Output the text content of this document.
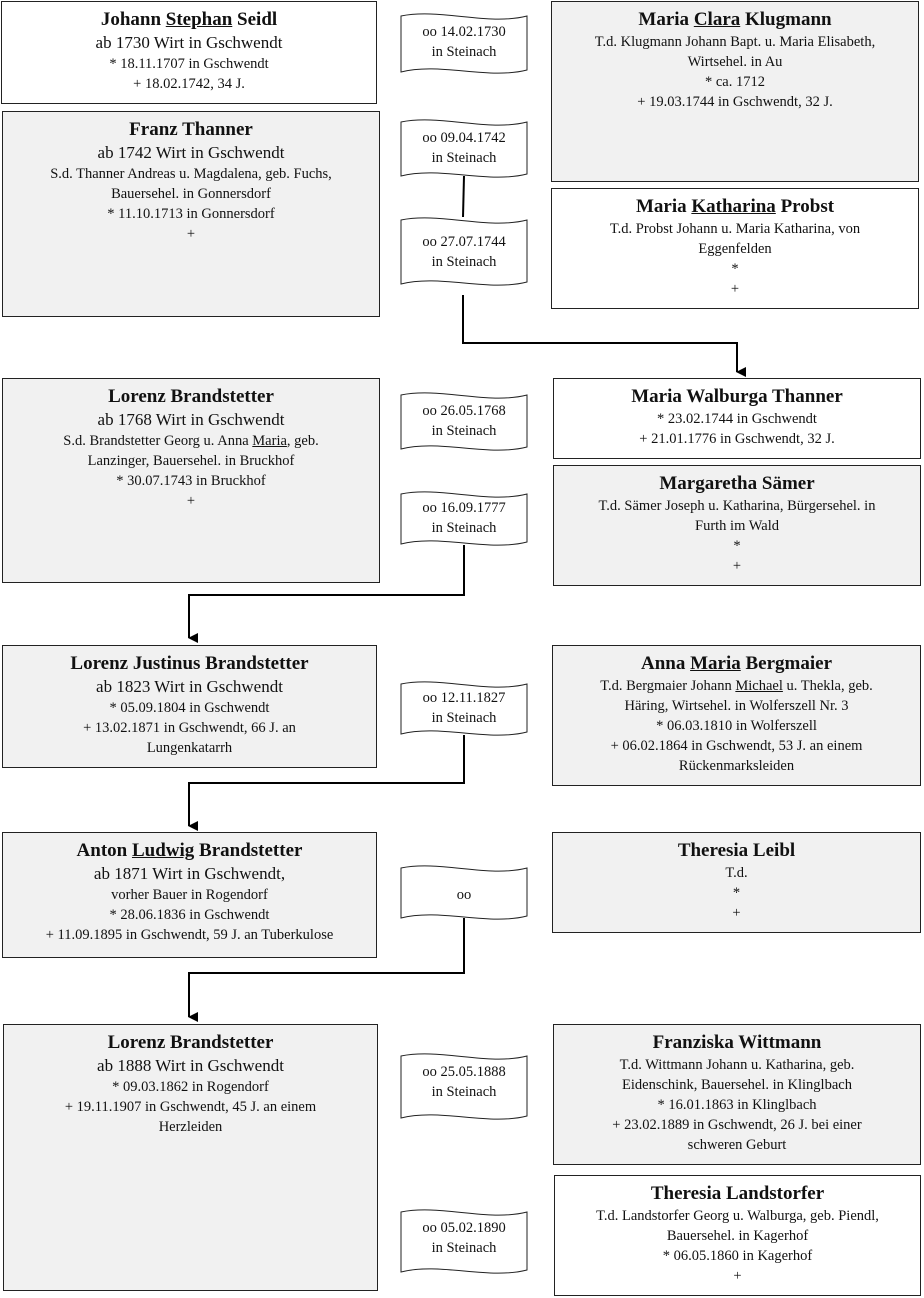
Johann Stephan Seidl
ab 1730 Wirt in Gschwendt
* 18.11.1707 in Gschwendt
+ 18.02.1742, 34 J.
Maria Clara Klugmann
T.d. Klugmann Johann Bapt. u. Maria Elisabeth,
Wirtsehel. in Au
* ca. 1712
+ 19.03.1744 in Gschwendt, 32 J.
Franz Thanner
ab 1742 Wirt in Gschwendt
S.d. Thanner Andreas u. Magdalena, geb. Fuchs,
Bauersehel. in Gonnersdorf
* 11.10.1713 in Gonnersdorf
+
Maria Katharina Probst
T.d. Probst Johann u. Maria Katharina, von
Eggenfelden
*
+
Lorenz Brandstetter
ab 1768 Wirt in Gschwendt
S.d. Brandstetter Georg u. Anna Maria, geb.
Lanzinger, Bauersehel. in Bruckhof
* 30.07.1743 in Bruckhof
+
Maria Walburga Thanner
* 23.02.1744 in Gschwendt
+ 21.01.1776 in Gschwendt, 32 J.
Margaretha Sämer
T.d. Sämer Joseph u. Katharina, Bürgersehel. in
Furth im Wald
*
+
Lorenz Justinus Brandstetter
ab 1823 Wirt in Gschwendt
* 05.09.1804 in Gschwendt
+ 13.02.1871 in Gschwendt, 66 J. an
Lungenkatarrh
Anna Maria Bergmaier
T.d. Bergmaier Johann Michael u. Thekla, geb.
Häring, Wirtsehel. in Wolferszell Nr. 3
* 06.03.1810 in Wolferszell
+ 06.02.1864 in Gschwendt, 53 J. an einem
Rückenmarksleiden
Anton Ludwig Brandstetter
ab 1871 Wirt in Gschwendt,
vorher Bauer in Rogendorf
* 28.06.1836 in Gschwendt
+ 11.09.1895 in Gschwendt, 59 J. an Tuberkulose
Theresia Leibl
T.d.
*
+
Lorenz Brandstetter
ab 1888 Wirt in Gschwendt
* 09.03.1862 in Rogendorf
+ 19.11.1907 in Gschwendt, 45 J. an einem
Herzleiden
Franziska Wittmann
T.d. Wittmann Johann u. Katharina, geb.
Eidenschink, Bauersehel. in Klinglbach
* 16.01.1863 in Klinglbach
+ 23.02.1889 in Gschwendt, 26 J. bei einer
schweren Geburt
Theresia Landstorfer
T.d. Landstorfer Georg u. Walburga, geb. Piendl,
Bauersehel. in Kagerhof
* 06.05.1860 in Kagerhof
+
oo 14.02.1730
in Steinach
oo 09.04.1742
in Steinach
oo 27.07.1744
in Steinach
oo 26.05.1768
in Steinach
oo 16.09.1777
in Steinach
oo 12.11.1827
in Steinach
oo
oo 25.05.1888
in Steinach
oo 05.02.1890
in Steinach
